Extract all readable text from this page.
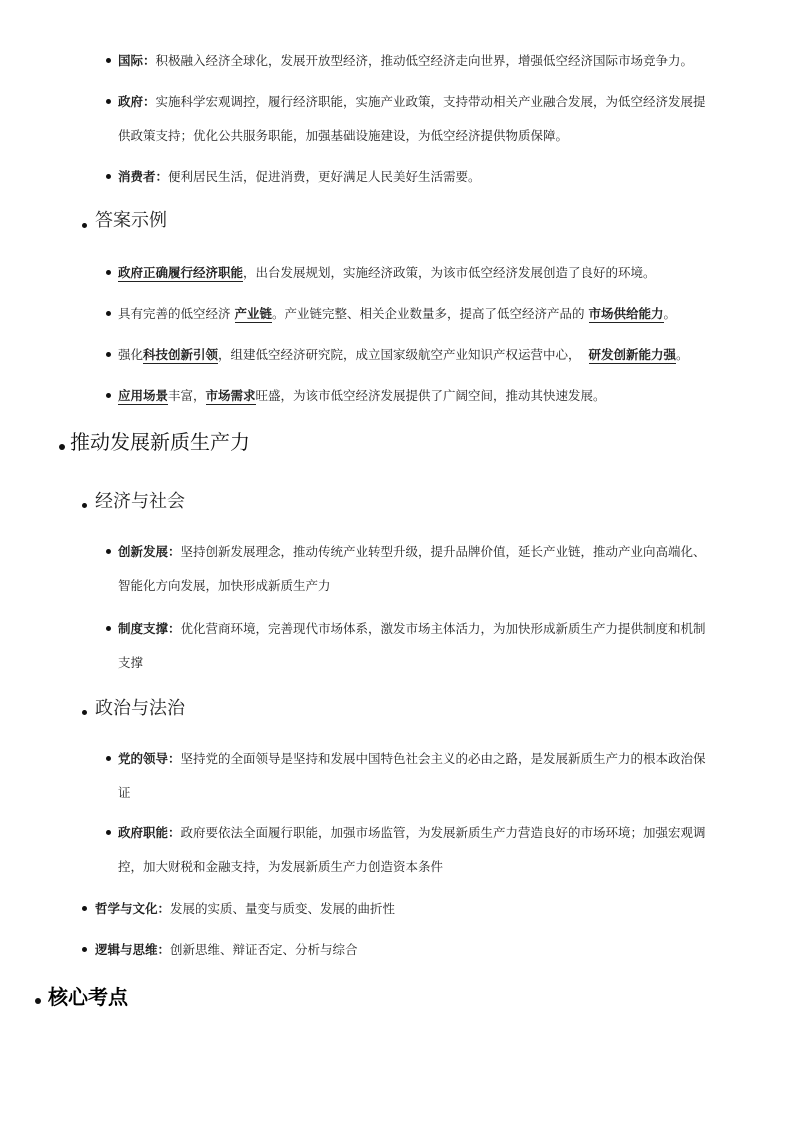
国际：积极融入经济全球化，发展开放型经济，推动低空经济走向世界，增强低空经济国际市场竞争力。
政府：实施科学宏观调控，履行经济职能，实施产业政策，支持带动相关产业融合发展，为低空经济发展提
供政策支持；优化公共服务职能，加强基础设施建设，为低空经济提供物质保障。
消费者：便利居民生活，促进消费，更好满足人民美好生活需要。
答案示例
政府正确履行经济职能，出台发展规划，实施经济政策，为该市低空经济发展创造了良好的环境。
具有完善的低空经济 产业链。产业链完整、相关企业数量多，提高了低空经济产品的 市场供给能力。
强化科技创新引领，组建低空经济研究院，成立国家级航空产业知识产权运营中心， 研发创新能力强。
应用场景丰富，市场需求旺盛，为该市低空经济发展提供了广阔空间，推动其快速发展。
推动发展新质生产力
经济与社会
创新发展：坚持创新发展理念，推动传统产业转型升级，提升品牌价值，延长产业链，推动产业向高端化、
智能化方向发展，加快形成新质生产力
制度支撑：优化营商环境，完善现代市场体系，激发市场主体活力，为加快形成新质生产力提供制度和机制
支撑
政治与法治
党的领导：坚持党的全面领导是坚持和发展中国特色社会主义的必由之路，是发展新质生产力的根本政治保
证
政府职能：政府要依法全面履行职能，加强市场监管，为发展新质生产力营造良好的市场环境；加强宏观调
控，加大财税和金融支持，为发展新质生产力创造资本条件
哲学与文化：发展的实质、量变与质变、发展的曲折性
逻辑与思维：创新思维、辩证否定、分析与综合
核心考点
